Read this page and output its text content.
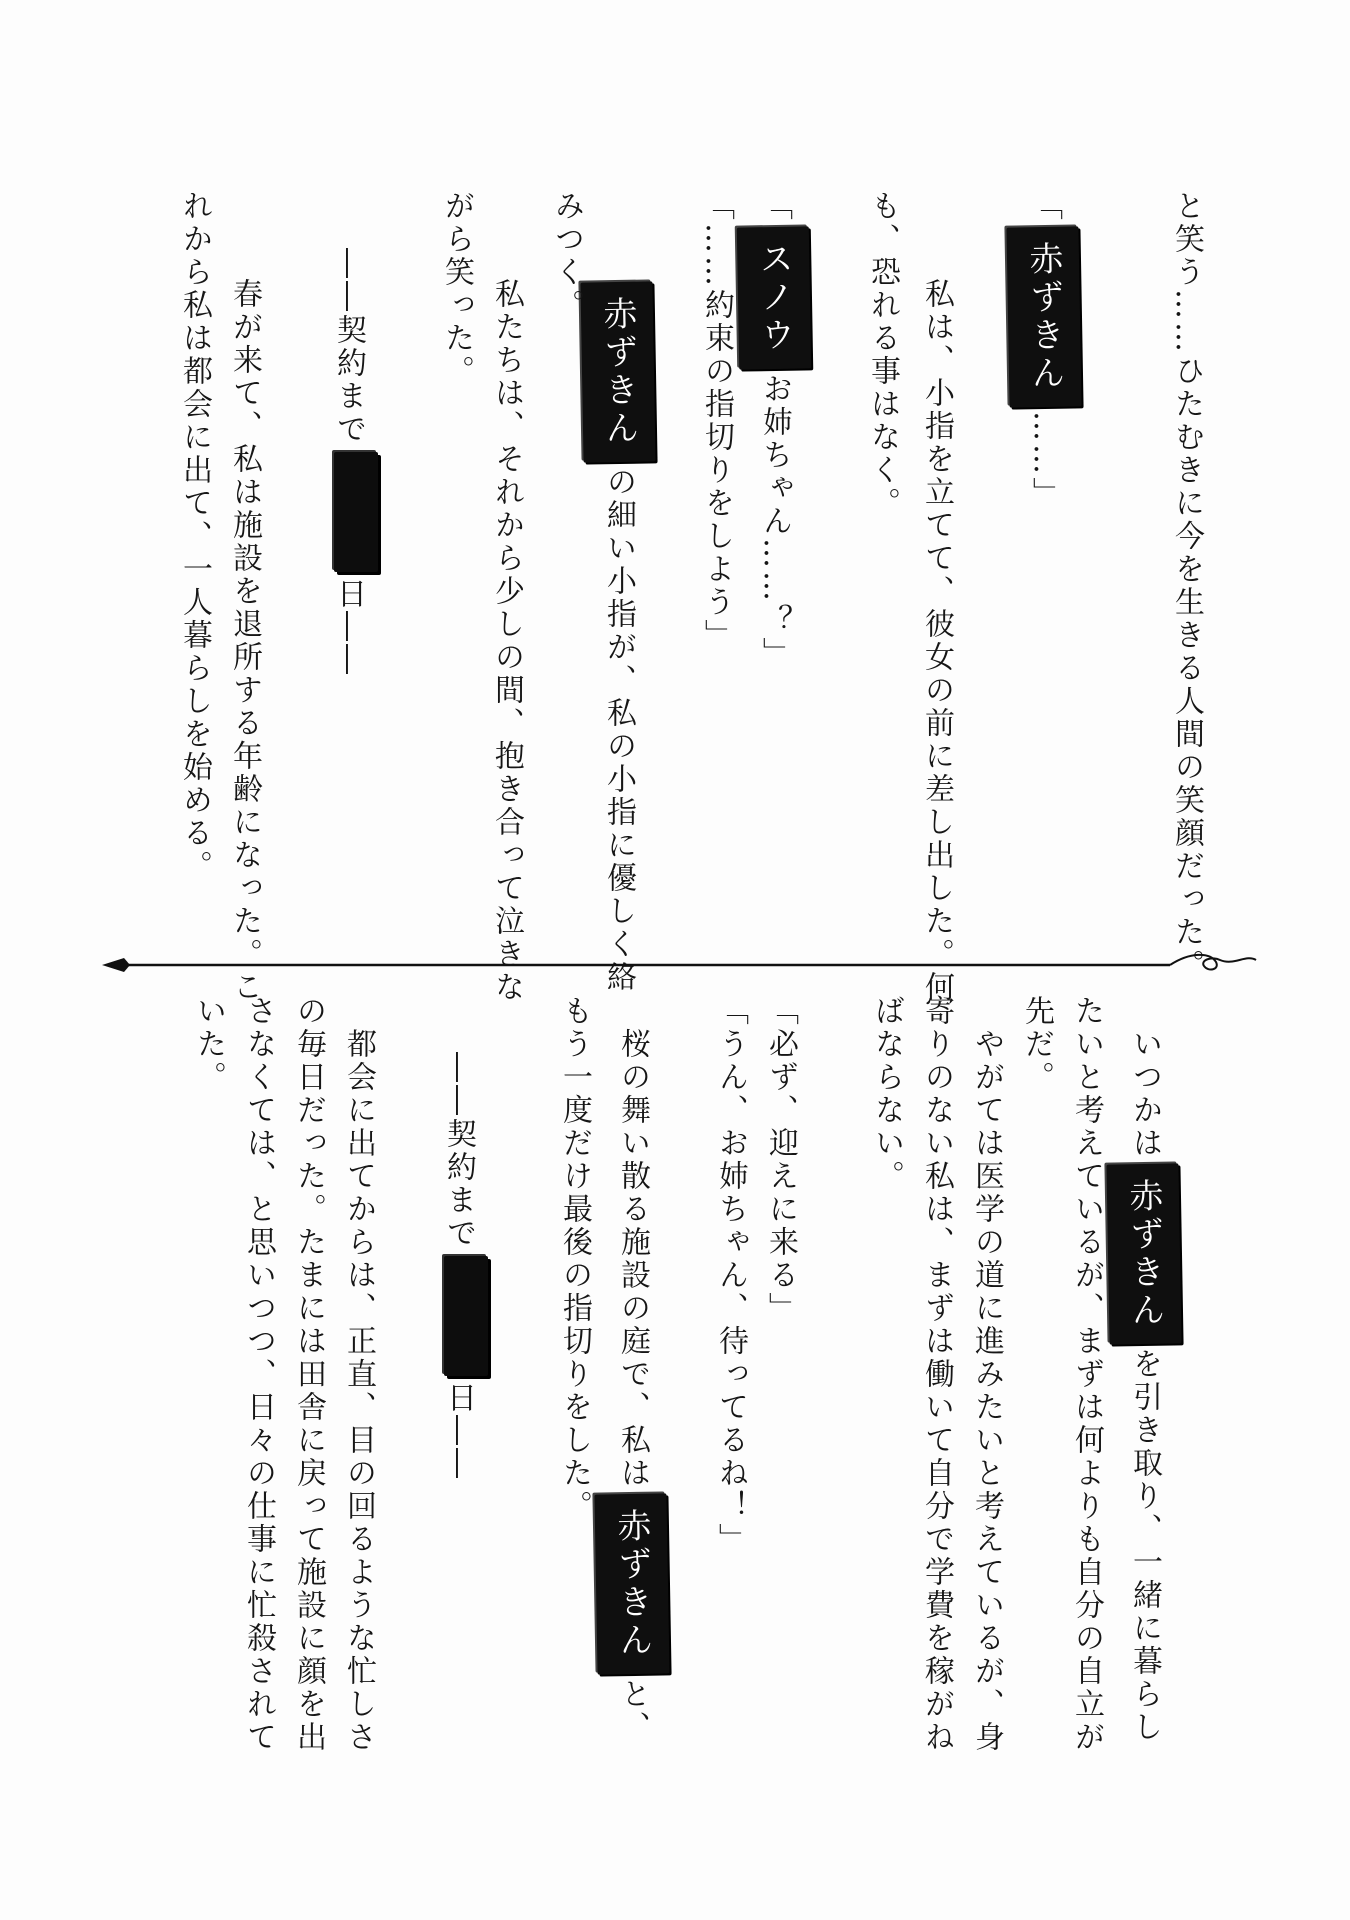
と笑う……ひたむきに今を生きる人間の笑顔だった。
「赤ずきん……」
　私は、小指を立てて、彼女の前に差し出した。何
も、恐れる事はなく。
「スノウお姉ちゃん……？」
「……約束の指切りをしよう」
　赤ずきんの細い小指が、私の小指に優しく絡
みつく。
　私たちは、それから少しの間、抱き合って泣きな
がら笑った。
――契約まで日――
　春が来て、私は施設を退所する年齢になった。こ
れから私は都会に出て、一人暮らしを始める。
　いつかは赤ずきんを引き取り、一緒に暮らし
たいと考えているが、まずは何よりも自分の自立が
先だ。
　やがては医学の道に進みたいと考えているが、身
寄りのない私は、まずは働いて自分で学費を稼がね
ばならない。
「必ず、迎えに来る」
「うん、お姉ちゃん、待ってるね！」
　桜の舞い散る施設の庭で、私は赤ずきんと、
もう一度だけ最後の指切りをした。
――契約まで日――
　都会に出てからは、正直、目の回るような忙しさ
の毎日だった。たまには田舎に戻って施設に顔を出
さなくては、と思いつつ、日々の仕事に忙殺されて
いた。
